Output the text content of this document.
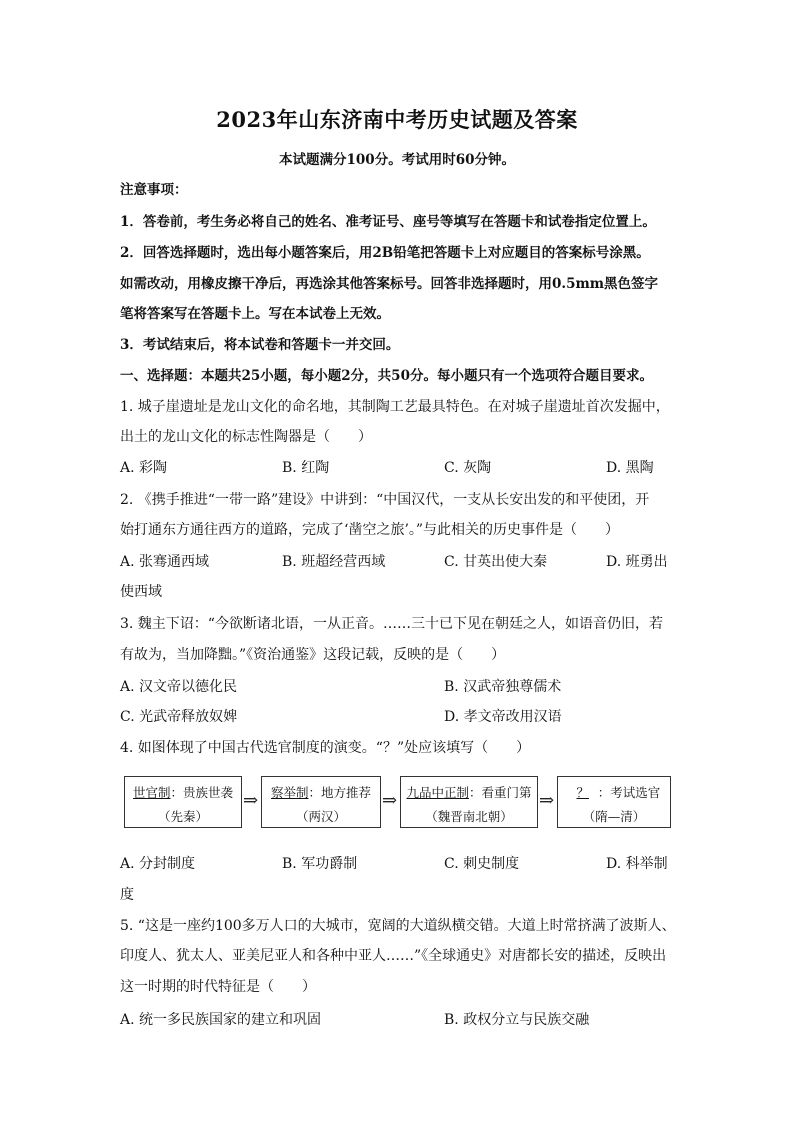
2023年山东济南中考历史试题及答案
本试题满分100分。考试用时60分钟。
注意事项：
1．答卷前，考生务必将自己的姓名、准考证号、座号等填写在答题卡和试卷指定位置上。
2．回答选择题时，选出每小题答案后，用2B铅笔把答题卡上对应题目的答案标号涂黑。
如需改动，用橡皮擦干净后，再选涂其他答案标号。回答非选择题时，用0.5mm黑色签字
笔将答案写在答题卡上。写在本试卷上无效。
3．考试结束后，将本试卷和答题卡一并交回。
一、选择题：本题共25小题，每小题2分，共50分。每小题只有一个选项符合题目要求。
1. 城子崖遗址是龙山文化的命名地，其制陶工艺最具特色。在对城子崖遗址首次发掘中，
出土的龙山文化的标志性陶器是（　　）
A. 彩陶	B. 红陶	C. 灰陶	D. 黑陶
2. 《携手推进“一带一路”建设》中讲到：“中国汉代，一支从长安出发的和平使团，开
始打通东方通往西方的道路，完成了‘凿空之旅’。”与此相关的历史事件是（　　）
A. 张骞通西域	B. 班超经营西域	C. 甘英出使大秦	D. 班勇出
使西域
3. 魏主下诏：“今欲断诸北语，一从正音。……三十已下见在朝廷之人，如语音仍旧，若
有故为，当加降黜。”《资治通鉴》这段记载，反映的是（　　）
A. 汉文帝以德化民	B. 汉武帝独尊儒术
C. 光武帝释放奴婢	D. 孝文帝改用汉语
4. 如图体现了中国古代选官制度的演变。“？”处应该填写（　　）
世官制：贵族世袭
（先秦）
⇒	察举制：地方推荐
（两汉）
⇒ 九品中正制：看重门第
（魏晋南北朝）
⇒	？ ：考试选官
（隋—清）
A. 分封制度	B. 军功爵制	C. 刺史制度	D. 科举制
度
5. “这是一座约100多万人口的大城市，宽阔的大道纵横交错。大道上时常挤满了波斯人、
印度人、犹太人、亚美尼亚人和各种中亚人……”《全球通史》对唐都长安的描述，反映出
这一时期的时代特征是（　　）
A. 统一多民族国家的建立和巩固	B. 政权分立与民族交融
